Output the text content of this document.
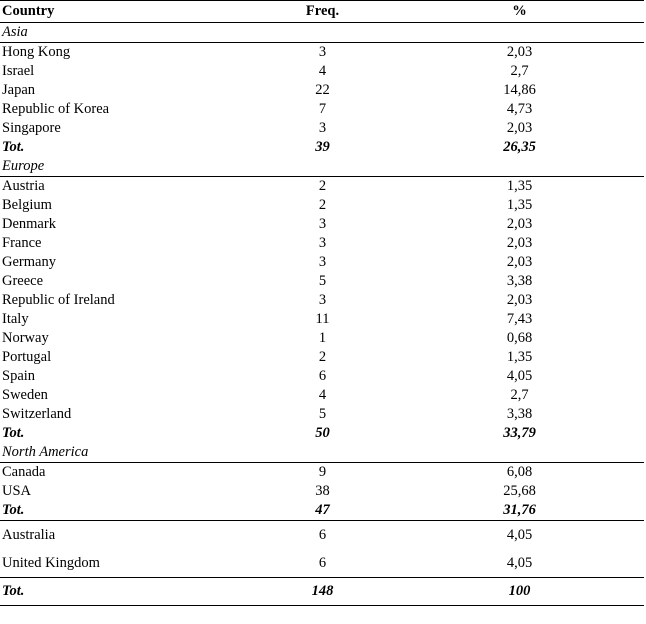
Country	Freq.	%
Asia		
Hong Kong	3	2,03
Israel	4	2,7
Japan	22	14,86
Republic of Korea	7	4,73
Singapore	3	2,03
Tot.	39	26,35
Europe		
Austria	2	1,35
Belgium	2	1,35
Denmark	3	2,03
France	3	2,03
Germany	3	2,03
Greece	5	3,38
Republic of Ireland	3	2,03
Italy	11	7,43
Norway	1	0,68
Portugal	2	1,35
Spain	6	4,05
Sweden	4	2,7
Switzerland	5	3,38
Tot.	50	33,79
North America		
Canada	9	6,08
USA	38	25,68
Tot.	47	31,76
Australia	6	4,05
United Kingdom	6	4,05
Tot.	148	100
